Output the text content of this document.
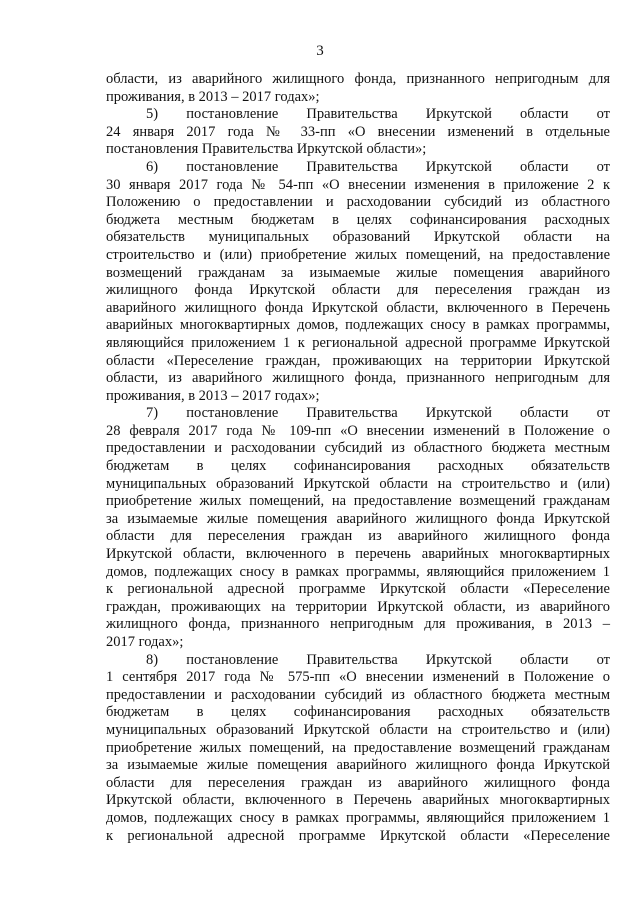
3
области, из аварийного жилищного фонда, признанного непригодным для
проживания, в 2013 – 2017 годах»;
5) постановление Правительства Иркутской области от
24 января 2017 года № 33-пп «О внесении изменений в отдельные
постановления Правительства Иркутской области»;
6) постановление Правительства Иркутской области от
30 января 2017 года № 54-пп «О внесении изменения в приложение 2 к
Положению о предоставлении и расходовании субсидий из областного
бюджета местным бюджетам в целях софинансирования расходных
обязательств муниципальных образований Иркутской области на
строительство и (или) приобретение жилых помещений, на предоставление
возмещений гражданам за изымаемые жилые помещения аварийного
жилищного фонда Иркутской области для переселения граждан из
аварийного жилищного фонда Иркутской области, включенного в Перечень
аварийных многоквартирных домов, подлежащих сносу в рамках программы,
являющийся приложением 1 к региональной адресной программе Иркутской
области «Переселение граждан, проживающих на территории Иркутской
области, из аварийного жилищного фонда, признанного непригодным для
проживания, в 2013 – 2017 годах»;
7) постановление Правительства Иркутской области от
28 февраля 2017 года № 109-пп «О внесении изменений в Положение о
предоставлении и расходовании субсидий из областного бюджета местным
бюджетам в целях софинансирования расходных обязательств
муниципальных образований Иркутской области на строительство и (или)
приобретение жилых помещений, на предоставление возмещений гражданам
за изымаемые жилые помещения аварийного жилищного фонда Иркутской
области для переселения граждан из аварийного жилищного фонда
Иркутской области, включенного в перечень аварийных многоквартирных
домов, подлежащих сносу в рамках программы, являющийся приложением 1
к региональной адресной программе Иркутской области «Переселение
граждан, проживающих на территории Иркутской области, из аварийного
жилищного фонда, признанного непригодным для проживания, в 2013 –
2017 годах»;
8) постановление Правительства Иркутской области от
1 сентября 2017 года № 575-пп «О внесении изменений в Положение о
предоставлении и расходовании субсидий из областного бюджета местным
бюджетам в целях софинансирования расходных обязательств
муниципальных образований Иркутской области на строительство и (или)
приобретение жилых помещений, на предоставление возмещений гражданам
за изымаемые жилые помещения аварийного жилищного фонда Иркутской
области для переселения граждан из аварийного жилищного фонда
Иркутской области, включенного в Перечень аварийных многоквартирных
домов, подлежащих сносу в рамках программы, являющийся приложением 1
к региональной адресной программе Иркутской области «Переселение
